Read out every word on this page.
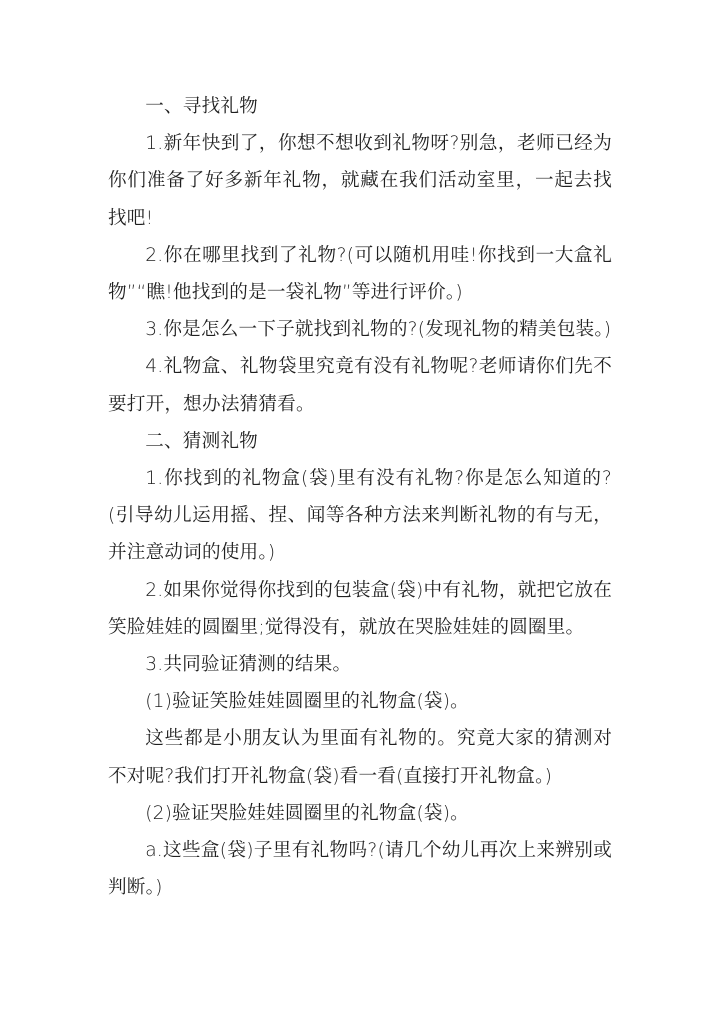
一、寻找礼物

1.新年快到了，你想不想收到礼物呀?别急，老师已经为你们准备了好多新年礼物，就藏在我们活动室里，一起去找找吧!

2.你在哪里找到了礼物?(可以随机用哇!你找到一大盒礼物”“瞧!他找到的是一袋礼物”等进行评价。)

3.你是怎么一下子就找到礼物的?(发现礼物的精美包装。)

4.礼物盒、礼物袋里究竟有没有礼物呢?老师请你们先不要打开，想办法猜猜看。

二、猜测礼物

1.你找到的礼物盒(袋)里有没有礼物?你是怎么知道的?(引导幼儿运用摇、捏、闻等各种方法来判断礼物的有与无，并注意动词的使用。)

2.如果你觉得你找到的包装盒(袋)中有礼物，就把它放在笑脸娃娃的圆圈里;觉得没有，就放在哭脸娃娃的圆圈里。

3.共同验证猜测的结果。

(1)验证笑脸娃娃圆圈里的礼物盒(袋)。

这些都是小朋友认为里面有礼物的。究竟大家的猜测对不对呢?我们打开礼物盒(袋)看一看(直接打开礼物盒。)

(2)验证哭脸娃娃圆圈里的礼物盒(袋)。

a.这些盒(袋)子里有礼物吗?(请几个幼儿再次上来辨别或判断。)
